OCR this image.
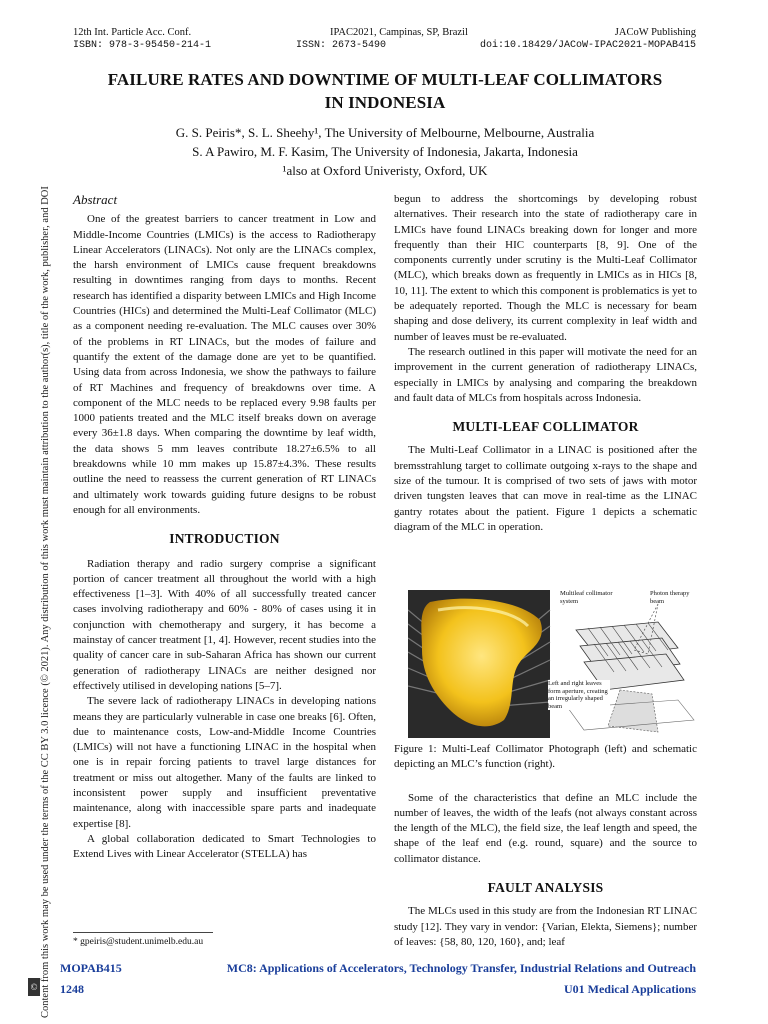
12th Int. Particle Acc. Conf.	IPAC2021, Campinas, SP, Brazil	JACoW Publishing
ISBN: 978-3-95450-214-1	ISSN: 2673-5490	doi:10.18429/JACoW-IPAC2021-MOPAB415
Content from this work may be used under the terms of the CC BY 3.0 licence (© 2021). Any distribution of this work must maintain attribution to the author(s), title of the work, publisher, and DOI
©
FAILURE RATES AND DOWNTIME OF MULTI-LEAF COLLIMATORS
IN INDONESIA
G. S. Peiris*, S. L. Sheehy¹, The University of Melbourne, Melbourne, Australia
S. A Pawiro, M. F. Kasim, The University of Indonesia, Jakarta, Indonesia
¹also at Oxford Univeristy, Oxford, UK
Abstract

One of the greatest barriers to cancer treatment in Low and Middle-Income Countries (LMICs) is the access to Radiotherapy Linear Accelerators (LINACs). Not only are the LINACs complex, the harsh environment of LMICs cause frequent breakdowns resulting in downtimes ranging from days to months. Recent research has identified a disparity between LMICs and High Income Countries (HICs) and determined the Multi-Leaf Collimator (MLC) as a component needing re-evaluation. The MLC causes over 30% of the problems in RT LINACs, but the modes of failure and quantify the extent of the damage done are yet to be quantified. Using data from across Indonesia, we show the pathways to failure of RT Machines and frequency of breakdowns over time. A component of the MLC needs to be replaced every 9.98 faults per 1000 patients treated and the MLC itself breaks down on average every 36±1.8 days. When comparing the downtime by leaf width, the data shows 5 mm leaves contribute 18.27±6.5% to all breakdowns while 10 mm makes up 15.87±4.3%. These results outline the need to reassess the current generation of RT LINACs and ultimately work towards guiding future designs to be robust enough for all environments.

INTRODUCTION

Radiation therapy and radio surgery comprise a significant portion of cancer treatment all throughout the world with a high effectiveness [1–3]. With 40% of all successfully treated cancer cases involving radiotherapy and 60% - 80% of cases using it in conjunction with chemotherapy and surgery, it has become a mainstay of cancer treatment [1, 4]. However, recent studies into the quality of cancer care in sub-Saharan Africa has shown our current generation of radiotherapy LINACs are neither designed nor effectively utilised in developing nations [5–7].

The severe lack of radiotherapy LINACs in developing nations means they are particularly vulnerable in case one breaks [6]. Often, due to maintenance costs, Low-and-Middle Income Countries (LMICs) will not have a functioning LINAC in the hospital when one is in repair forcing patients to travel large distances for treatment or miss out altogether. Many of the faults are linked to inconsistent power supply and insufficient preventative maintenance, along with inaccessible spare parts and inadequate expertise [8].

A global collaboration dedicated to Smart Technologies to Extend Lives with Linear Accelerator (STELLA) has

* gpeiris@student.unimelb.edu.au

begun to address the shortcomings by developing robust alternatives. Their research into the state of radiotherapy care in LMICs have found LINACs breaking down for longer and more frequently than their HIC counterparts [8, 9]. One of the components currently under scrutiny is the Multi-Leaf Collimator (MLC), which breaks down as frequently in LMICs as in HICs [8, 10, 11]. The extent to which this component is problematics is yet to be adequately reported. Though the MLC is necessary for beam shaping and dose delivery, its current complexity in leaf width and number of leaves must be re-evaluated.

The research outlined in this paper will motivate the need for an improvement in the current generation of radiotherapy LINACs, especially in LMICs by analysing and comparing the breakdown and fault data of MLCs from hospitals across Indonesia.

MULTI-LEAF COLLIMATOR

The Multi-Leaf Collimator in a LINAC is positioned after the bremsstrahlung target to collimate outgoing x-rays to the shape and size of the tumour. It is comprised of two sets of jaws with motor driven tungsten leaves that can move in real-time as the LINAC gantry rotates about the patient. Figure 1 depicts a schematic diagram of the MLC in operation.

Multileaf collimator system
Photon therapy beam
Left and right leaves form aperture, creating an irregularly shaped beam

Figure 1: Multi-Leaf Collimator Photograph (left) and schematic depicting an MLC’s function (right).

Some of the characteristics that define an MLC include the number of leaves, the width of the leafs (not always constant across the length of the MLC), the field size, the leaf length and speed, the shape of the leaf end (e.g. round, square) and the source to collimator distance.

FAULT ANALYSIS

The MLCs used in this study are from the Indonesian RT LINAC study [12]. They vary in vendor: {Varian, Elekta, Siemens}; number of leaves: {58, 80, 120, 160}, and; leaf

MOPAB415	MC8: Applications of Accelerators, Technology Transfer, Industrial Relations and Outreach
1248	U01 Medical Applications
